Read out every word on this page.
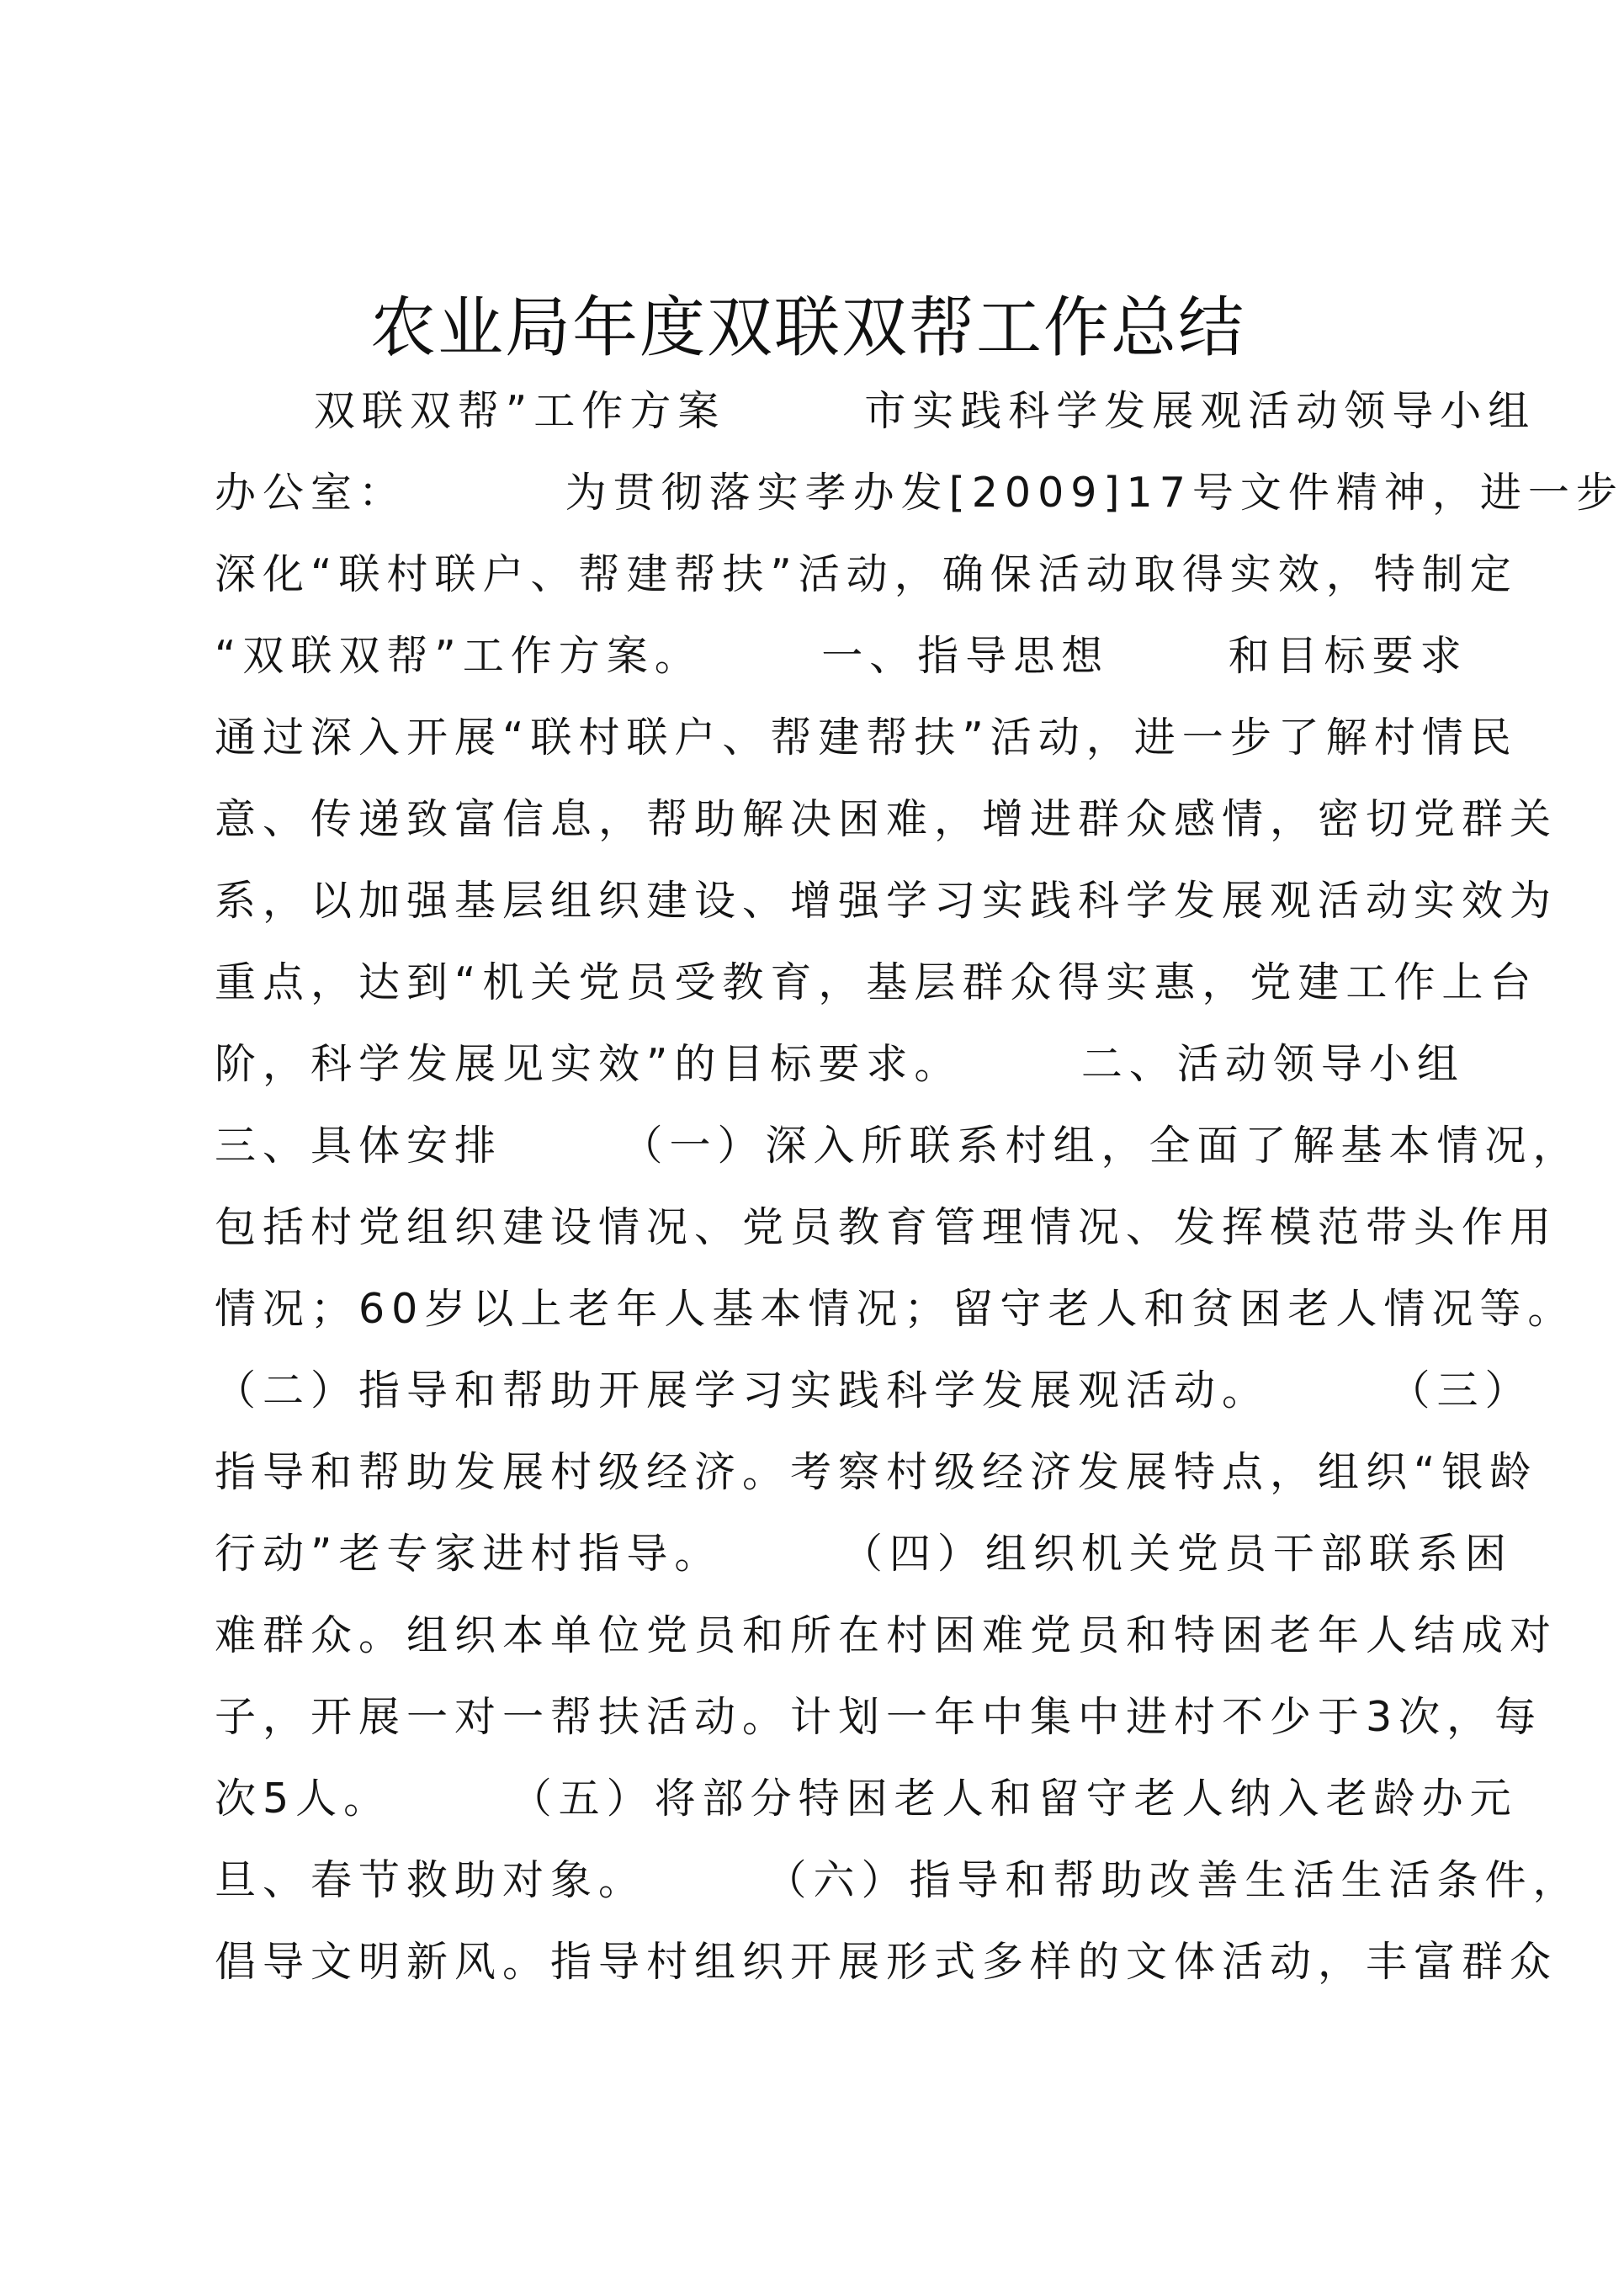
农业局年度双联双帮工作总结
双联双帮”工作方案       市实践科学发展观活动领导小组
办公室：        为贯彻落实孝办发[2009]17号文件精神，进一步
深化“联村联户、帮建帮扶”活动，确保活动取得实效，特制定
“双联双帮”工作方案。      一、指导思想      和目标要求
通过深入开展“联村联户、帮建帮扶”活动，进一步了解村情民
意、传递致富信息，帮助解决困难，增进群众感情，密切党群关
系，以加强基层组织建设、增强学习实践科学发展观活动实效为
重点，达到“机关党员受教育，基层群众得实惠，党建工作上台
阶，科学发展见实效”的目标要求。      二、活动领导小组
三、具体安排      （一）深入所联系村组，全面了解基本情况，
包括村党组织建设情况、党员教育管理情况、发挥模范带头作用
情况；60岁以上老年人基本情况；留守老人和贫困老人情况等。
（二）指导和帮助开展学习实践科学发展观活动。      （三）
指导和帮助发展村级经济。考察村级经济发展特点，组织“银龄
行动”老专家进村指导。      （四）组织机关党员干部联系困
难群众。组织本单位党员和所在村困难党员和特困老年人结成对
子，开展一对一帮扶活动。计划一年中集中进村不少于3次，每
次5人。      （五）将部分特困老人和留守老人纳入老龄办元
旦、春节救助对象。      （六）指导和帮助改善生活生活条件，
倡导文明新风。指导村组织开展形式多样的文体活动，丰富群众
